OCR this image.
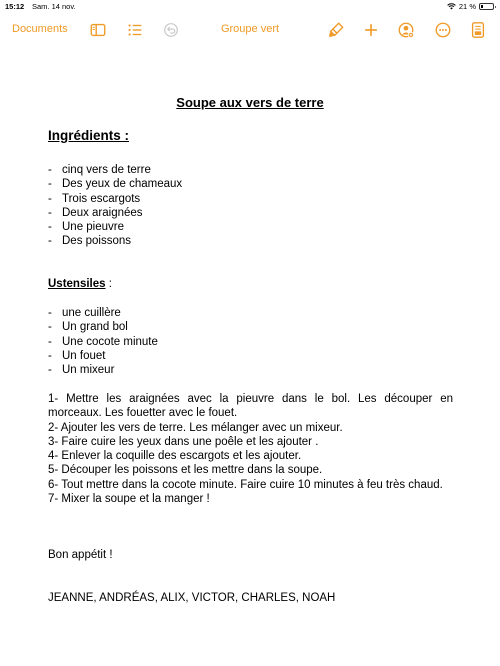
15:12 Sam. 14 nov.	21 %
Documents	Groupe vert
Soupe aux vers de terre
Ingrédients :
- cinq vers de terre
- Des yeux de chameaux
- Trois escargots
- Deux araignées
- Une pieuvre
- Des poissons
Ustensiles :
- une cuillère
- Un grand bol
- Une cocote minute
- Un fouet
- Un mixeur

1- Mettre les araignées avec la pieuvre dans le bol. Les découper en morceaux. Les fouetter avec le fouet.

2- Ajouter les vers de terre. Les mélanger avec un mixeur.

3- Faire cuire les yeux dans une poêle et les ajouter .

4- Enlever la coquille des escargots et les ajouter.

5- Découper les poissons et les mettre dans la soupe.

6- Tout mettre dans la cocote minute. Faire cuire 10 minutes à feu très chaud.

7- Mixer la soupe et la manger !

Bon appétit !
JEANNE, ANDRÉAS, ALIX, VICTOR, CHARLES, NOAH
